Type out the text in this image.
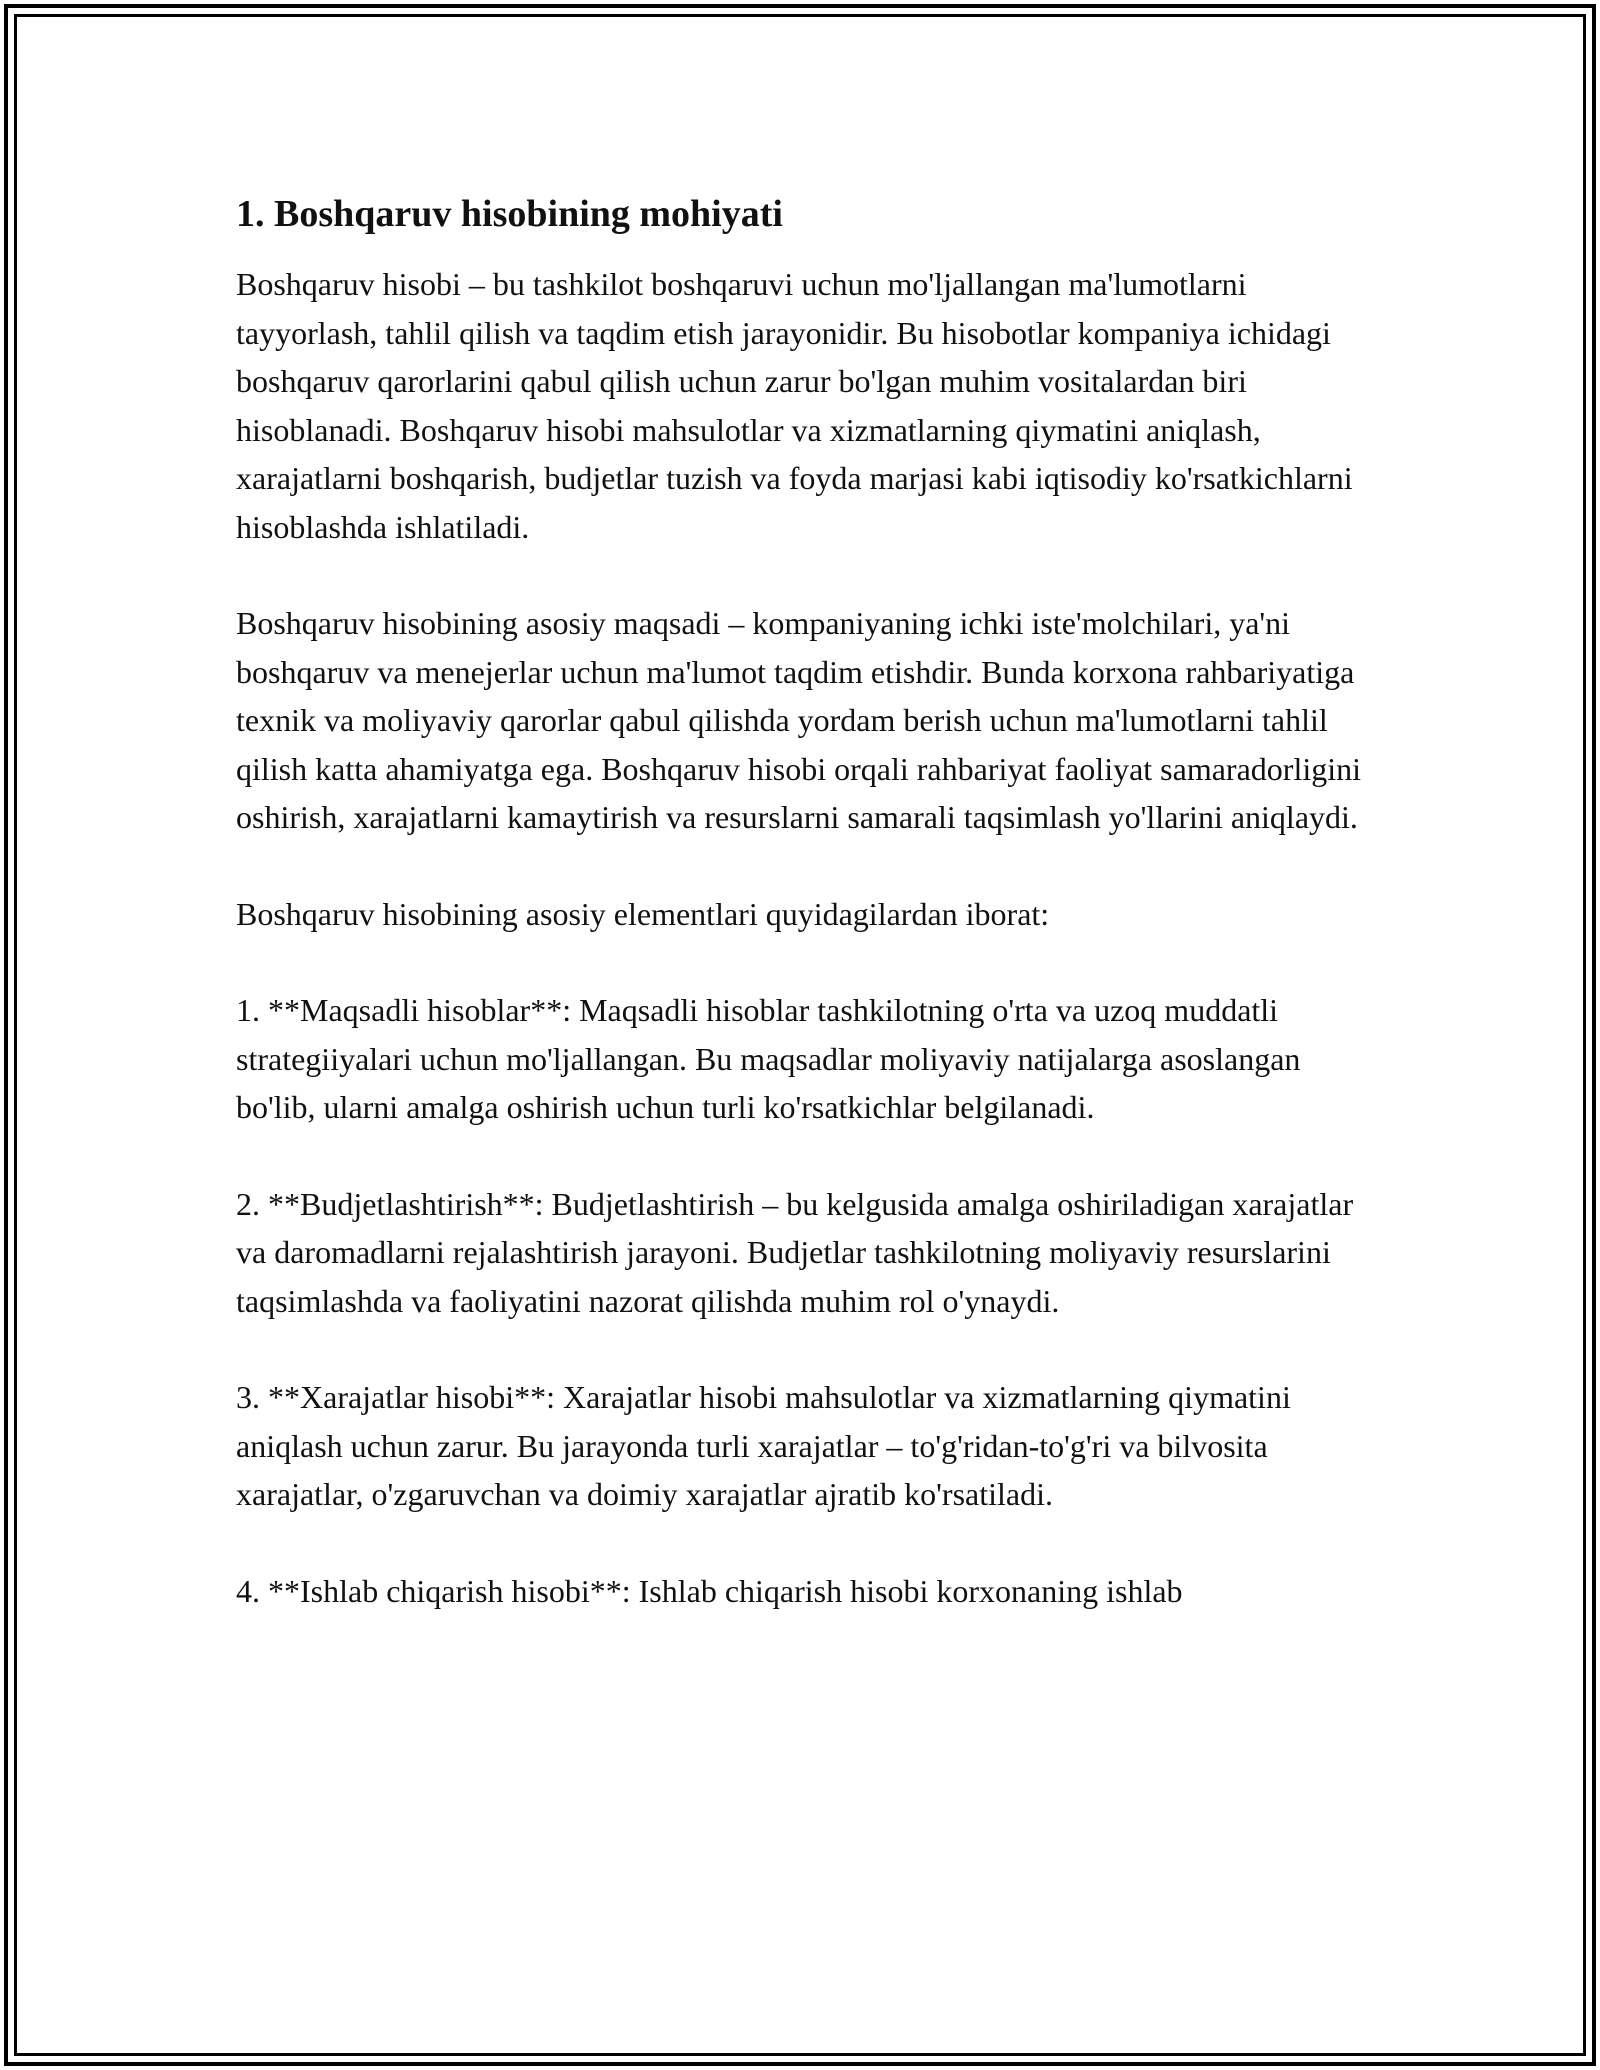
1. Boshqaruv hisobining mohiyati

Boshqaruv hisobi – bu tashkilot boshqaruvi uchun mo'ljallangan ma'lumotlarni tayyorlash, tahlil qilish va taqdim etish jarayonidir. Bu hisobotlar kompaniya ichidagi boshqaruv qarorlarini qabul qilish uchun zarur bo'lgan muhim vositalardan biri hisoblanadi. Boshqaruv hisobi mahsulotlar va xizmatlarning qiymatini aniqlash, xarajatlarni boshqarish, budjetlar tuzish va foyda marjasi kabi iqtisodiy ko'rsatkichlarni hisoblashda ishlatiladi.

Boshqaruv hisobining asosiy maqsadi – kompaniyaning ichki iste'molchilari, ya'ni boshqaruv va menejerlar uchun ma'lumot taqdim etishdir. Bunda korxona rahbariyatiga texnik va moliyaviy qarorlar qabul qilishda yordam berish uchun ma'lumotlarni tahlil qilish katta ahamiyatga ega. Boshqaruv hisobi orqali rahbariyat faoliyat samaradorligini oshirish, xarajatlarni kamaytirish va resurslarni samarali taqsimlash yo'llarini aniqlaydi.

Boshqaruv hisobining asosiy elementlari quyidagilardan iborat:

1. **Maqsadli hisoblar**: Maqsadli hisoblar tashkilotning o'rta va uzoq muddatli strategiiyalari uchun mo'ljallangan. Bu maqsadlar moliyaviy natijalarga asoslangan bo'lib, ularni amalga oshirish uchun turli ko'rsatkichlar belgilanadi.

2. **Budjetlashtirish**: Budjetlashtirish – bu kelgusida amalga oshiriladigan xarajatlar va daromadlarni rejalashtirish jarayoni. Budjetlar tashkilotning moliyaviy resurslarini taqsimlashda va faoliyatini nazorat qilishda muhim rol o'ynaydi.

3. **Xarajatlar hisobi**: Xarajatlar hisobi mahsulotlar va xizmatlarning qiymatini aniqlash uchun zarur. Bu jarayonda turli xarajatlar – to'g'ridan-to'g'ri va bilvosita xarajatlar, o'zgaruvchan va doimiy xarajatlar ajratib ko'rsatiladi.

4. **Ishlab chiqarish hisobi**: Ishlab chiqarish hisobi korxonaning ishlab
